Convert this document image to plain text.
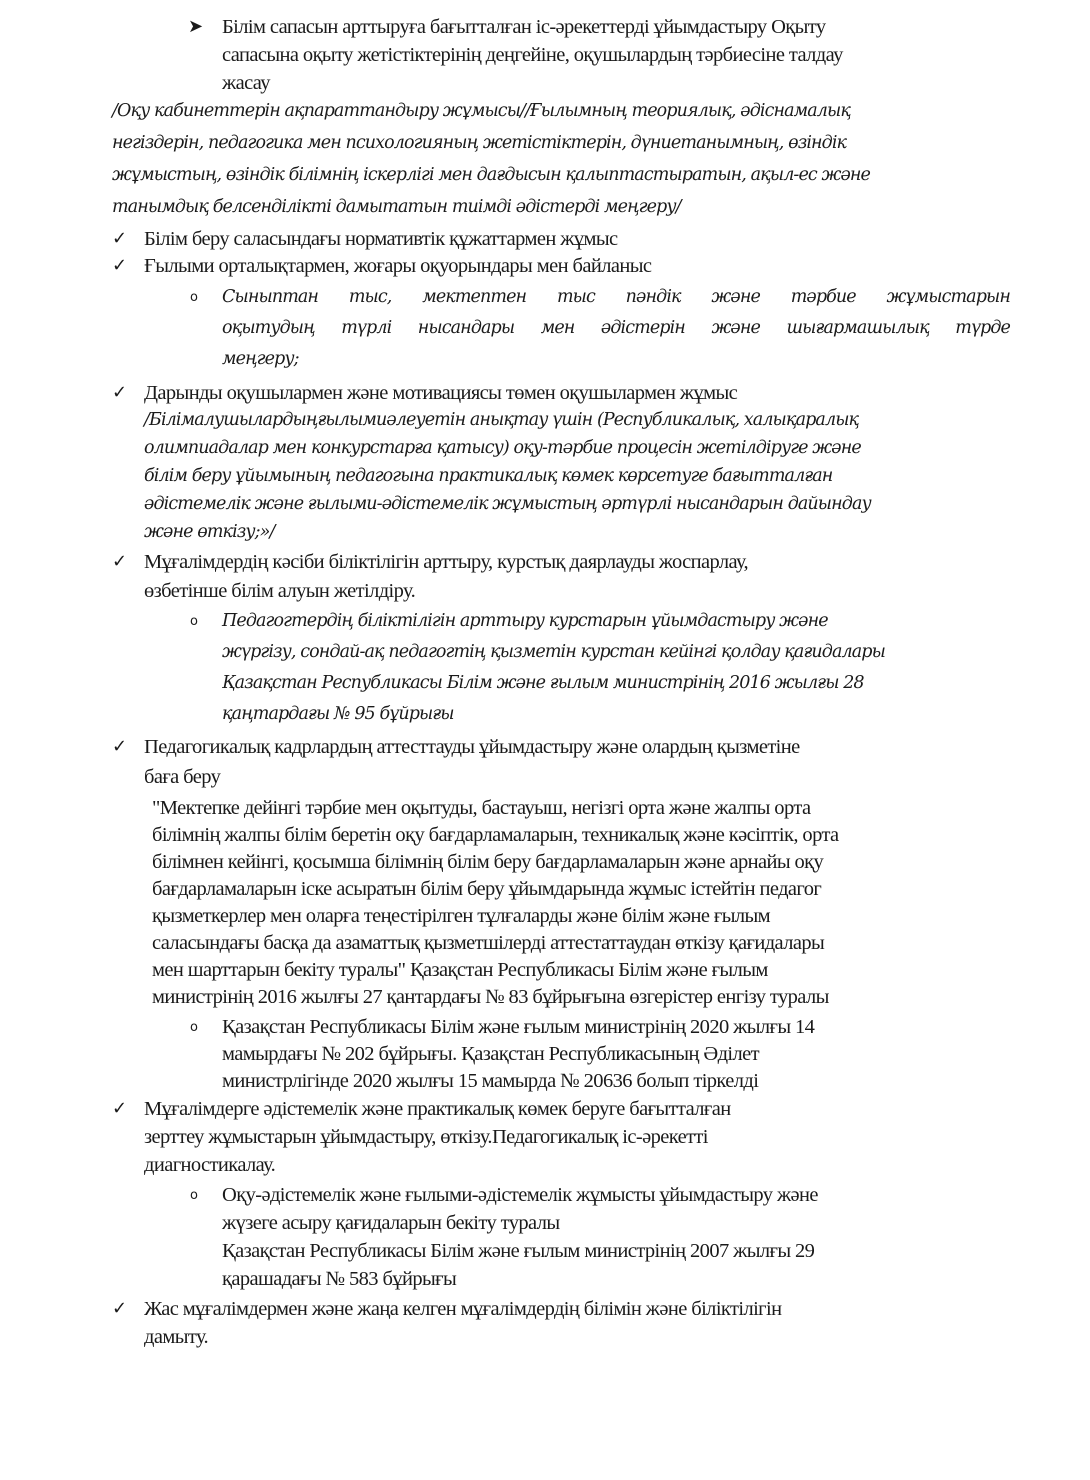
➤ Білім сапасын арттыруға бағытталған іс-әрекеттерді ұйымдастыру Оқыту
сапасына оқыту жетістіктерінің деңгейіне, оқушылардың тәрбиесіне талдау
жасау
/Оқу кабинеттерін ақпараттандыру жұмысы//Ғылымның теориялық, әдіснамалық
негіздерін, педагогика мен психологияның жетістіктерін, дүниетанымның, өзіндік
жұмыстың, өзіндік білімнің іскерлігі мен дағдысын қалыптастыратын, ақыл-ес және
танымдық белсенділікті дамытатын тиімді әдістерді меңгеру/
✓ Білім беру саласындағы нормативтік құжаттармен жұмыс
✓ Ғылыми орталықтармен, жоғары оқуорындары мен байланыс
o Сыныптан тыс, мектептен тыс пәндік және тәрбие жұмыстарын
оқытудың түрлі нысандары мен әдістерін және шығармашылық түрде
меңгеру;
✓ Дарынды оқушылармен және мотивациясы төмен оқушылармен жұмыс
/Білімалушылардыңғылымиәлеуетін анықтау үшін (Республикалық, халықаралық
олимпиадалар мен конкурстарға қатысу) оқу-тәрбие процесін жетілдіруге және
білім беру ұйымының педагогына практикалық көмек көрсетуге бағытталған
әдістемелік және ғылыми-әдістемелік жұмыстың әртүрлі нысандарын дайындау
және өткізу;»/
✓ Мұғалімдердің кәсіби біліктілігін арттыру, курстық даярлауды жоспарлау,
өзбетінше білім алуын жетілдіру.
o Педагогтердің біліктілігін арттыру курстарын ұйымдастыру және
жүргізу, сондай-ақ педагогтің қызметін курстан кейінгі қолдау қағидалары
Қазақстан Республикасы Білім және ғылым министрінің 2016 жылғы 28
қаңтардағы № 95 бұйрығы
✓ Педагогикалық кадрлардың аттесттауды ұйымдастыру және олардың қызметіне
баға беру
"Мектепке дейінгі тәрбие мен оқытуды, бастауыш, негізгі орта және жалпы орта
білімнің жалпы білім беретін оқу бағдарламаларын, техникалық және кәсіптік, орта
білімнен кейінгі, қосымша білімнің білім беру бағдарламаларын және арнайы оқу
бағдарламаларын іске асыратын білім беру ұйымдарында жұмыс істейтін педагог
қызметкерлер мен оларға теңестірілген тұлғаларды және білім және ғылым
саласындағы басқа да азаматтық қызметшілерді аттестаттаудан өткізу қағидалары
мен шарттарын бекіту туралы" Қазақстан Республикасы Білім және ғылым
министрінің 2016 жылғы 27 қантардағы № 83 бұйрығына өзгерістер енгізу туралы
o Қазақстан Республикасы Білім және ғылым министрінің 2020 жылғы 14
мамырдағы № 202 бұйрығы. Қазақстан Республикасының Әділет
министрлігінде 2020 жылғы 15 мамырда № 20636 болып тіркелді
✓ Мұғалімдерге әдістемелік және практикалық көмек беруге бағытталған
зерттеу жұмыстарын ұйымдастыру, өткізу.Педагогикалық іс-әрекетті
диагностикалау.
o Оқу-әдістемелік және ғылыми-әдістемелік жұмысты ұйымдастыру және
жүзеге асыру қағидаларын бекіту туралы
Қазақстан Республикасы Білім және ғылым министрінің 2007 жылғы 29
қарашадағы № 583 бұйрығы
✓ Жас мұғалімдермен және жаңа келген мұғалімдердің білімін және біліктілігін
дамыту.
